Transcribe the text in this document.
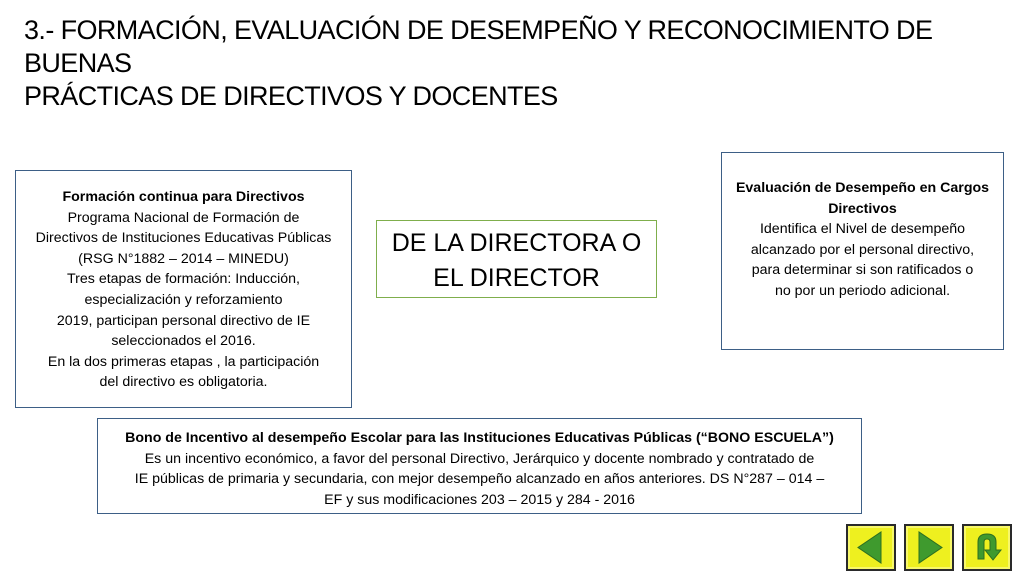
3.- FORMACIÓN, EVALUACIÓN DE DESEMPEÑO Y RECONOCIMIENTO DE BUENAS
PRÁCTICAS DE DIRECTIVOS Y DOCENTES
Formación continua para Directivos
Programa Nacional de Formación de
Directivos de Instituciones Educativas Públicas
(RSG N°1882 – 2014 – MINEDU)
Tres etapas de formación: Inducción,
especialización y reforzamiento
2019, participan personal directivo de IE
seleccionados el 2016.
En la dos primeras etapas , la participación
del directivo es obligatoria.
DE LA DIRECTORA O
EL DIRECTOR
Evaluación de Desempeño en Cargos
Directivos
Identifica el Nivel de desempeño
alcanzado por el personal directivo,
para determinar si son ratificados o
no por un periodo adicional.
Bono de Incentivo al desempeño Escolar para las Instituciones Educativas Públicas (“BONO ESCUELA”)
Es un incentivo económico, a favor del personal Directivo, Jerárquico y docente nombrado y contratado de
IE públicas de primaria y secundaria, con mejor desempeño alcanzado en años anteriores. DS N°287 – 014 –
EF y sus modificaciones 203 – 2015 y 284 - 2016
